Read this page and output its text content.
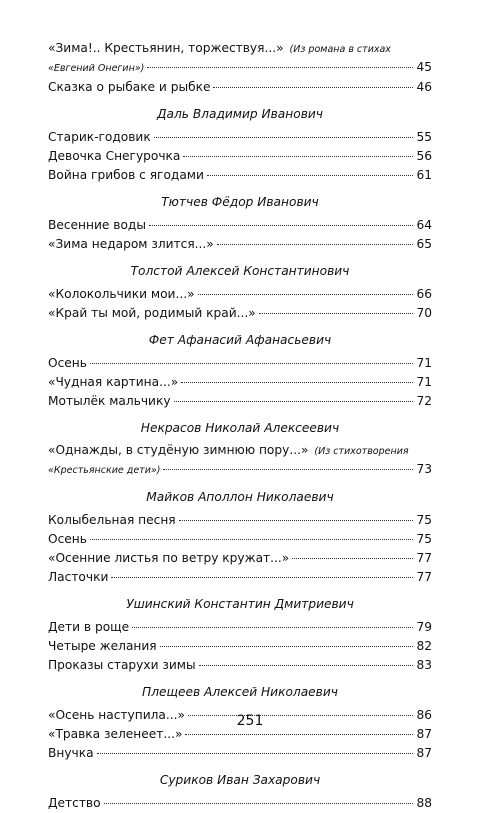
«Зима!.. Крестьянин, торжествуя...» (Из романа в стихах
«Евгений Онегин»)	45
Сказка о рыбаке и рыбке	46
Даль Владимир Иванович
Старик-годовик	55
Девочка Снегурочка	56
Война грибов с ягодами	61
Тютчев Фёдор Иванович
Весенние воды	64
«Зима недаром злится...»	65
Толстой Алексей Константинович
«Колокольчики мои...»	66
«Край ты мой, родимый край...»	70
Фет Афанасий Афанасьевич
Осень	71
«Чудная картина...»	71
Мотылёк мальчику	72
Некрасов Николай Алексеевич
«Однажды, в студёную зимнюю пору...» (Из стихотворения
«Крестьянские дети»)	73
Майков Аполлон Николаевич
Колыбельная песня	75
Осень	75
«Осенние листья по ветру кружат...»	77
Ласточки	77
Ушинский Константин Дмитриевич
Дети в роще	79
Четыре желания	82
Проказы старухи зимы	83
Плещеев Алексей Николаевич
«Осень наступила...»	86
«Травка зеленеет...»	87
Внучка	87
Суриков Иван Захарович
Детство	88
251
